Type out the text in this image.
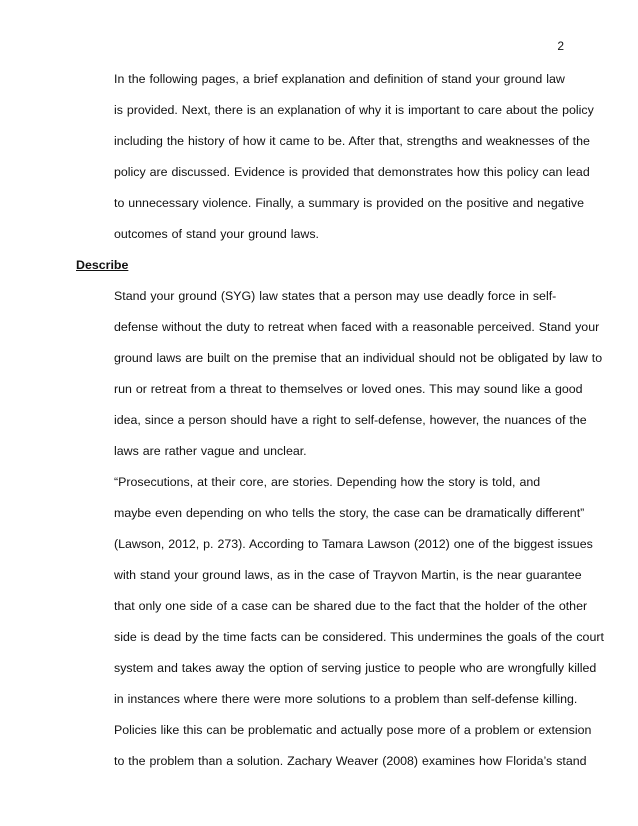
2

In the following pages, a brief explanation and definition of stand your ground law
is provided. Next, there is an explanation of why it is important to care about the policy
including the history of how it came to be. After that, strengths and weaknesses of the
policy are discussed. Evidence is provided that demonstrates how this policy can lead
to unnecessary violence. Finally, a summary is provided on the positive and negative
outcomes of stand your ground laws.

Describe

Stand your ground (SYG) law states that a person may use deadly force in self-
defense without the duty to retreat when faced with a reasonable perceived. Stand your
ground laws are built on the premise that an individual should not be obligated by law to
run or retreat from a threat to themselves or loved ones. This may sound like a good
idea, since a person should have a right to self-defense, however, the nuances of the
laws are rather vague and unclear.

“Prosecutions, at their core, are stories. Depending how the story is told, and
maybe even depending on who tells the story, the case can be dramatically different”
(Lawson, 2012, p. 273). According to Tamara Lawson (2012) one of the biggest issues
with stand your ground laws, as in the case of Trayvon Martin, is the near guarantee
that only one side of a case can be shared due to the fact that the holder of the other
side is dead by the time facts can be considered. This undermines the goals of the court
system and takes away the option of serving justice to people who are wrongfully killed
in instances where there were more solutions to a problem than self-defense killing.
Policies like this can be problematic and actually pose more of a problem or extension
to the problem than a solution. Zachary Weaver (2008) examines how Florida’s stand
